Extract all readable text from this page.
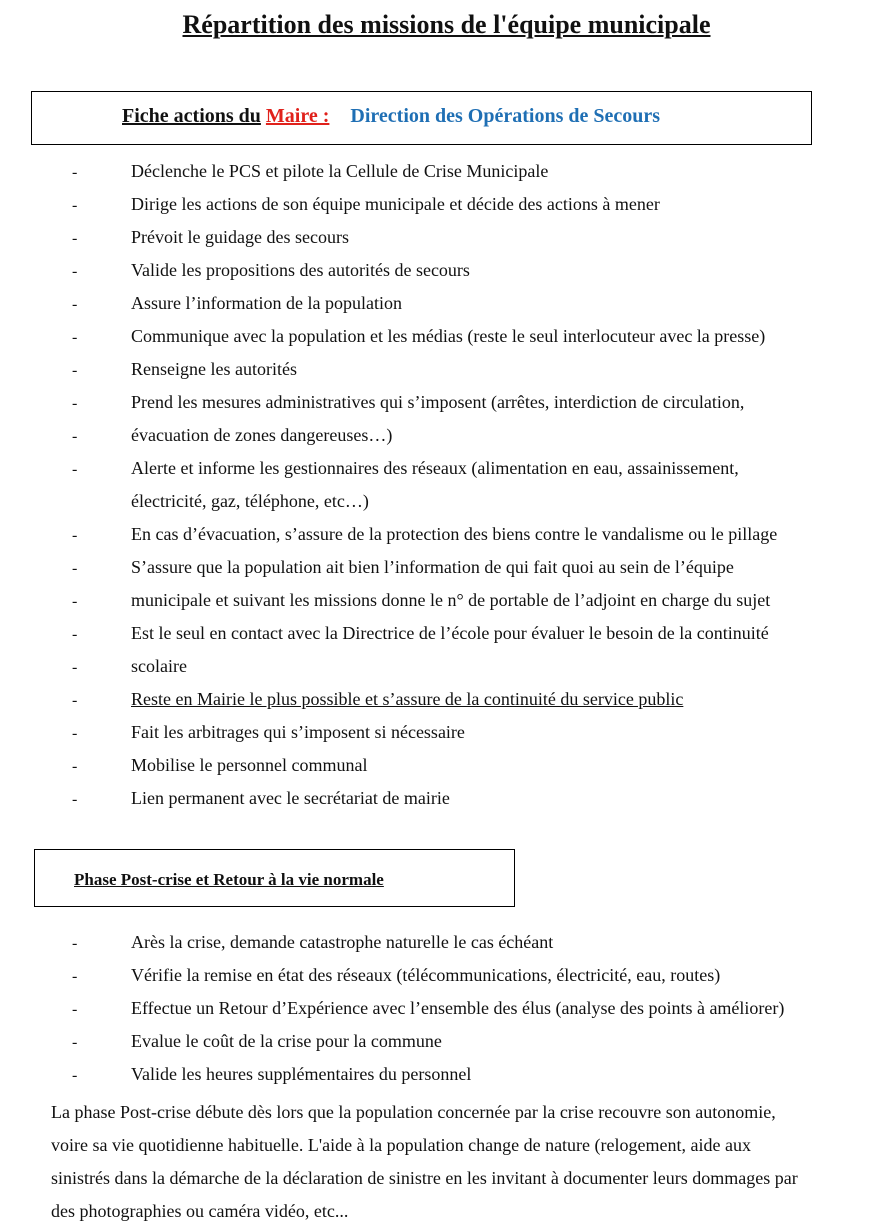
Répartition des missions de l'équipe municipale
Fiche actions du Maire : Direction des Opérations de Secours
-	Déclenche le PCS et pilote la Cellule de Crise Municipale
-	Dirige les actions de son équipe municipale et décide des actions à mener
-	Prévoit le guidage des secours
-	Valide les propositions des autorités de secours
-	Assure l’information de la population
-	Communique avec la population et les médias (reste le seul interlocuteur avec la presse)
-	Renseigne les autorités
-	Prend les mesures administratives qui s’imposent (arrêtes, interdiction de circulation,
-	évacuation de zones dangereuses…)
-	Alerte et informe les gestionnaires des réseaux (alimentation en eau, assainissement,
électricité, gaz, téléphone, etc…)
-	En cas d’évacuation, s’assure de la protection des biens contre le vandalisme ou le pillage
-	S’assure que la population ait bien l’information de qui fait quoi au sein de l’équipe
-	municipale et suivant les missions donne le n° de portable de l’adjoint en charge du sujet
-	Est le seul en contact avec la Directrice de l’école pour évaluer le besoin de la continuité
-	scolaire
-	Reste en Mairie le plus possible et s’assure de la continuité du service public
-	Fait les arbitrages qui s’imposent si nécessaire
-	Mobilise le personnel communal
-	Lien permanent avec le secrétariat de mairie
Phase Post-crise et Retour à la vie normale
-	Arès la crise, demande catastrophe naturelle le cas échéant
-	Vérifie la remise en état des réseaux (télécommunications, électricité, eau, routes)
-	Effectue un Retour d’Expérience avec l’ensemble des élus (analyse des points à améliorer)
-	Evalue le coût de la crise pour la commune
-	Valide les heures supplémentaires du personnel

La phase Post-crise débute dès lors que la population concernée par la crise recouvre son autonomie,
voire sa vie quotidienne habituelle. L'aide à la population change de nature (relogement, aide aux
sinistrés dans la démarche de la déclaration de sinistre en les invitant à documenter leurs dommages par
des photographies ou caméra vidéo, etc...
